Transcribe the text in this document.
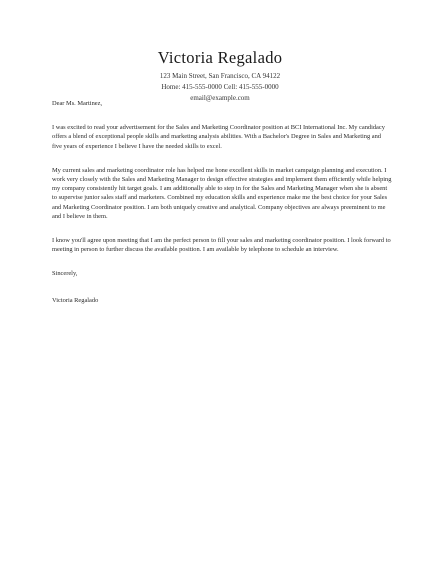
Victoria Regalado
123 Main Street, San Francisco, CA 94122
Home: 415-555-0000 Cell: 415-555-0000
email@example.com

Dear Ms. Martinez,

I was excited to read your advertisement for the Sales and Marketing Coordinator position at BCI International Inc. My candidacy offers a blend of exceptional people skills and marketing analysis abilities. With a Bachelor's Degree in Sales and Marketing and five years of experience I believe I have the needed skills to excel.

My current sales and marketing coordinator role has helped me hone excellent skills in market campaign planning and execution. I work very closely with the Sales and Marketing Manager to design effective strategies and implement them efficiently while helping my company consistently hit target goals. I am additionally able to step in for the Sales and Marketing Manager when she is absent to supervise junior sales staff and marketers. Combined my education skills and experience make me the best choice for your Sales and Marketing Coordinator position. I am both uniquely creative and analytical. Company objectives are always preeminent to me and I believe in them.

I know you'll agree upon meeting that I am the perfect person to fill your sales and marketing coordinator position. I look forward to meeting in person to further discuss the available position. I am available by telephone to schedule an interview.

Sincerely,

Victoria Regalado
